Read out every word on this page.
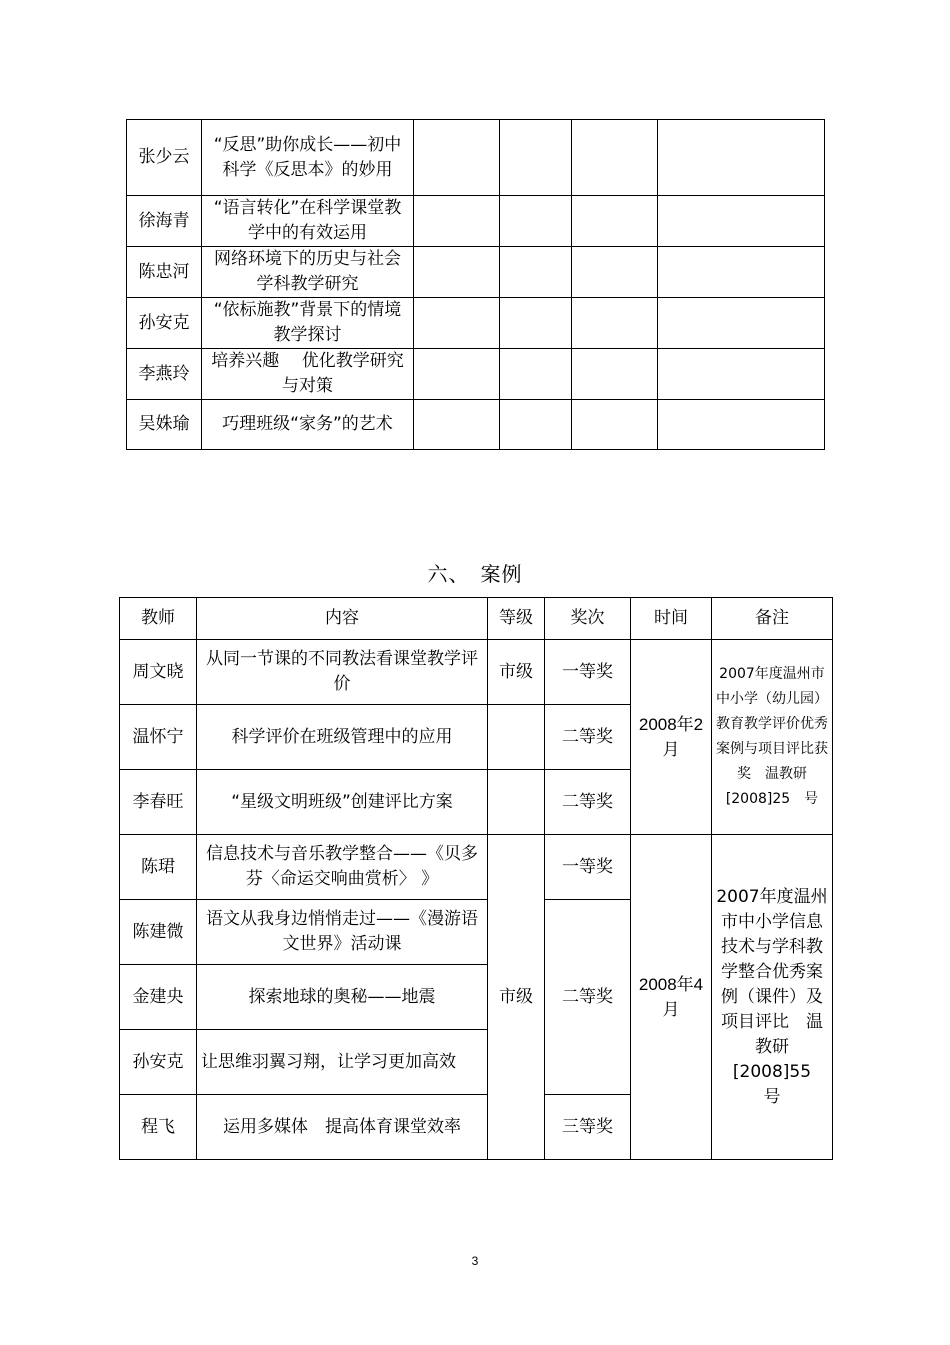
张少云	“反思”助你成长——初中科学《反思本》的妙用				
徐海青	“语言转化”在科学课堂教学中的有效运用				
陈忠河	网络环境下的历史与社会学科教学研究				
孙安克	“依标施教”背景下的情境教学探讨				
李燕玲	培养兴趣　 优化教学研究与对策				
吴姝瑜	巧理班级“家务”的艺术				
六、　案例
教师	内容	等级	奖次	时间	备注
周文晓	从同一节课的不同教法看课堂教学评价	市级	一等奖	2008年2月	2007年度温州市中小学（幼儿园）教育教学评价优秀案例与项目评比获奖　温教研[2008]25　号
温怀宁	科学评价在班级管理中的应用		二等奖		
李春旺	“星级文明班级”创建评比方案		二等奖		
陈珺	信息技术与音乐教学整合——《贝多芬〈命运交响曲赏析〉 》	市级	一等奖	2008年4月	2007年度温州市中小学信息技术与学科教学整合优秀案例（课件）及项目评比　温教研[2008]55　号
陈建微	语文从我身边悄悄走过——《漫游语文世界》活动课		二等奖		
金建央	探索地球的奥秘——地震				
孙安克	让思维羽翼习翔，让学习更加高效				
程飞	运用多媒体　提高体育课堂效率		三等奖		
3
